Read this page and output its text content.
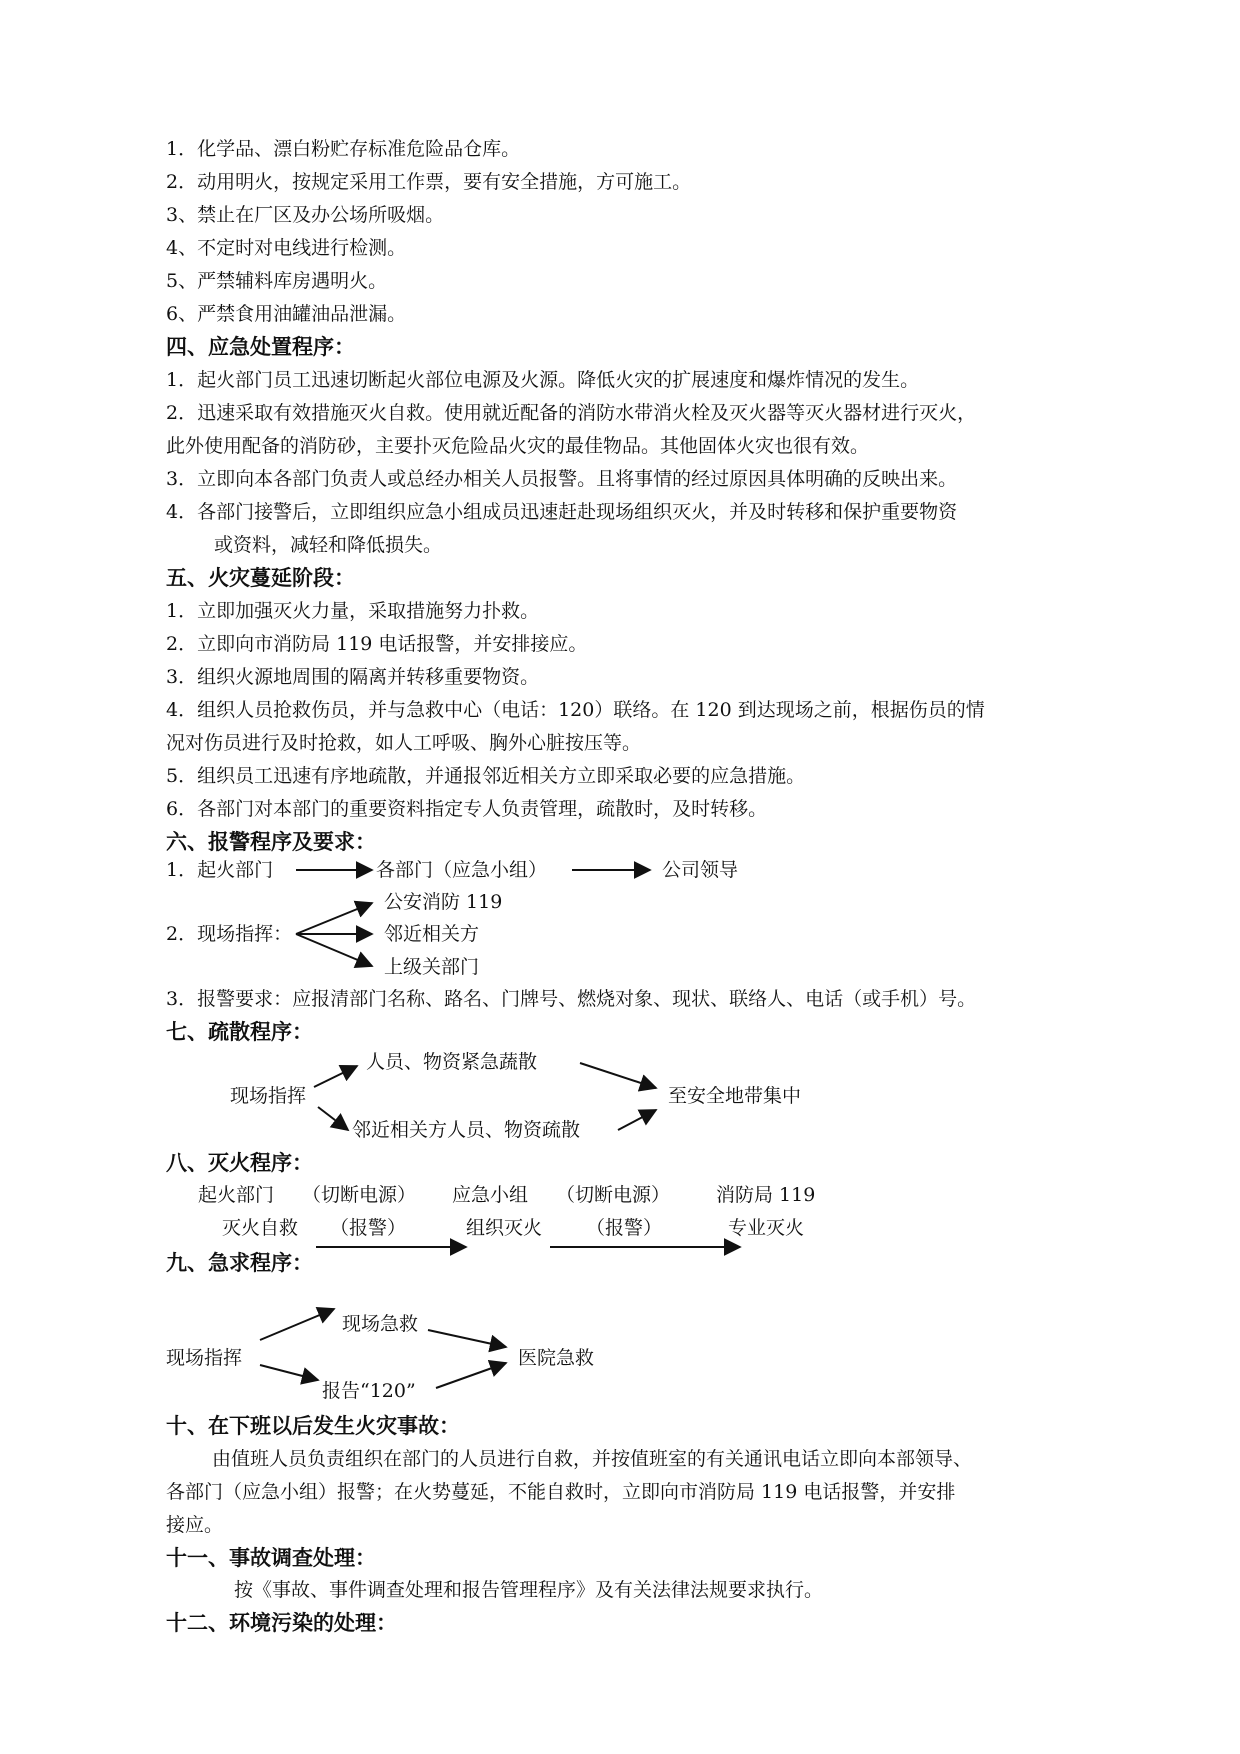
1．化学品、漂白粉贮存标准危险品仓库。
2．动用明火，按规定采用工作票，要有安全措施，方可施工。
3、禁止在厂区及办公场所吸烟。
4、不定时对电线进行检测。
5、严禁辅料库房遇明火。
6、严禁食用油罐油品泄漏。
四、应急处置程序：
1．起火部门员工迅速切断起火部位电源及火源。降低火灾的扩展速度和爆炸情况的发生。
2．迅速采取有效措施灭火自救。使用就近配备的消防水带消火栓及灭火器等灭火器材进行灭火，
此外使用配备的消防砂，主要扑灭危险品火灾的最佳物品。其他固体火灾也很有效。
3．立即向本各部门负责人或总经办相关人员报警。且将事情的经过原因具体明确的反映出来。
4．各部门接警后，立即组织应急小组成员迅速赶赴现场组织灭火，并及时转移和保护重要物资
或资料，减轻和降低损失。
五、火灾蔓延阶段：
1．立即加强灭火力量，采取措施努力扑救。
2．立即向市消防局 119 电话报警，并安排接应。
3．组织火源地周围的隔离并转移重要物资。
4．组织人员抢救伤员，并与急救中心（电话：120）联络。在 120 到达现场之前，根据伤员的情
况对伤员进行及时抢救，如人工呼吸、胸外心脏按压等。
5．组织员工迅速有序地疏散，并通报邻近相关方立即采取必要的应急措施。
6．各部门对本部门的重要资料指定专人负责管理，疏散时，及时转移。
六、报警程序及要求：
1．起火部门	各部门（应急小组）	公司领导
公安消防 119
2．现场指挥：	邻近相关方
上级关部门
3．报警要求：应报清部门名称、路名、门牌号、燃烧对象、现状、联络人、电话（或手机）号。
七、疏散程序：
人员、物资紧急蔬散
现场指挥	至安全地带集中
邻近相关方人员、物资疏散
八、灭火程序：
起火部门 （切断电源） 应急小组 （切断电源） 消防局 119
灭火自救 （报警）	组织灭火 （报警）	专业灭火
九、急求程序：
现场急救
现场指挥	医院急救
报告“120”
十、在下班以后发生火灾事故：
由值班人员负责组织在部门的人员进行自救，并按值班室的有关通讯电话立即向本部领导、
各部门（应急小组）报警；在火势蔓延，不能自救时，立即向市消防局 119 电话报警，并安排
接应。
十一、事故调查处理：
按《事故、事件调查处理和报告管理程序》及有关法律法规要求执行。
十二、环境污染的处理：
